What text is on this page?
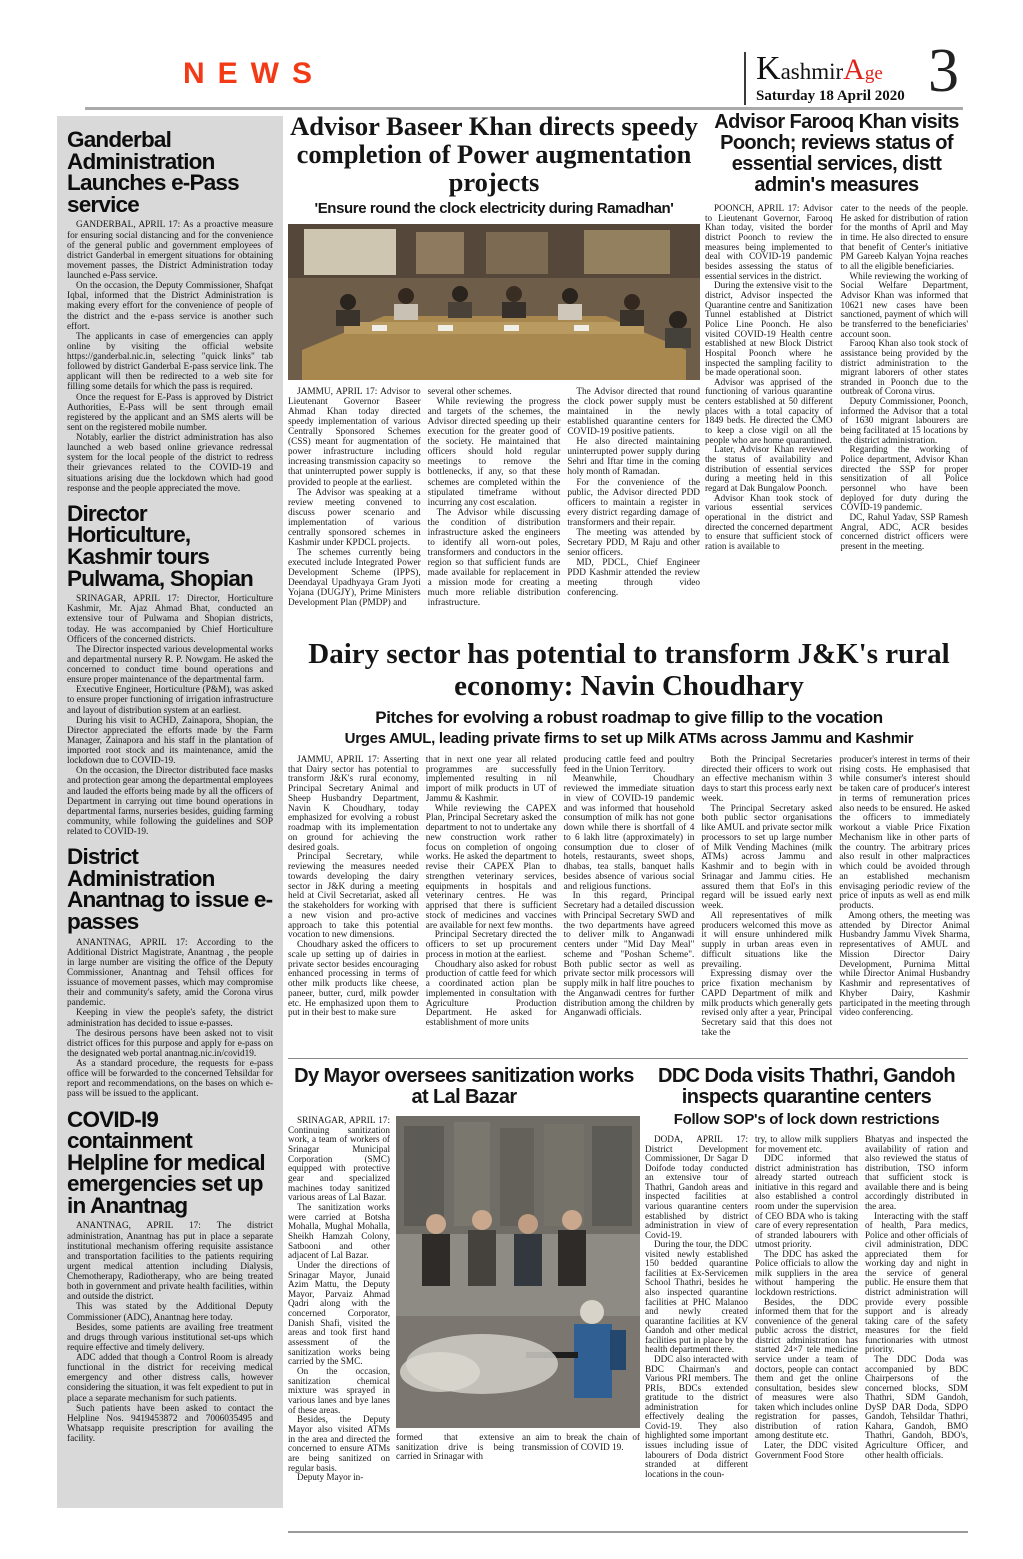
NEWS	KashmirAge
Saturday 18 April 2020 3
Ganderbal Administration Launches e-Pass service

GANDERBAL, APRIL 17: As a proactive measure for ensuring social distancing and for the convenience of the general public and government employees of district Ganderbal in emergent situations for obtaining movement passes, the District Administration today launched e-Pass service.

On the occasion, the Deputy Commissioner, Shafqat Iqbal, informed that the District Administration is making every effort for the convenience of people of the district and the e-pass service is another such effort.

The applicants in case of emergencies can apply online by visiting the official website https://ganderbal.nic.in, selecting "quick links" tab followed by district Ganderbal E-pass service link. The applicant will then be redirected to a web site for filling some details for which the pass is required.

Once the request for E-Pass is approved by District Authorities, E-Pass will be sent through email registered by the applicant and an SMS alerts will be sent on the registered mobile number.

Notably, earlier the district administration has also launched a web based online grievance redressal system for the local people of the district to redress their grievances related to the COVID-19 and situations arising due the lockdown which had good response and the people appreciated the move.

Director Horticulture, Kashmir tours Pulwama, Shopian

SRINAGAR, APRIL 17: Director, Horticulture Kashmir, Mr. Ajaz Ahmad Bhat, conducted an extensive tour of Pulwama and Shopian districts, today. He was accompanied by Chief Horticulture Officers of the concerned districts.

The Director inspected various developmental works and departmental nursery R. P. Nowgam. He asked the concerned to conduct time bound operations and ensure proper maintenance of the departmental farm.

Executive Engineer, Horticulture (P&M), was asked to ensure proper functioning of irrigation infrastructure and layout of distribution system at an earliest.

During his visit to ACHD, Zainapora, Shopian, the Director appreciated the efforts made by the Farm Manager, Zainapora and his staff in the plantation of imported root stock and its maintenance, amid the lockdown due to COVID-19.

On the occasion, the Director distributed face masks and protection gear among the departmental employees and lauded the efforts being made by all the officers of Department in carrying out time bound operations in departmental farms, nurseries besides, guiding farming community, while following the guidelines and SOP related to COVID-19.

District Administration Anantnag to issue e-passes

ANANTNAG, APRIL 17: According to the Additional District Magistrate, Anantnag , the people in large number are visiting the office of the Deputy Commissioner, Anantnag and Tehsil offices for issuance of movement passes, which may compromise their and community's safety, amid the Corona virus pandemic.

Keeping in view the people's safety, the district administration has decided to issue e-passes.

The desirous persons have been asked not to visit district offices for this purpose and apply for e-pass on the designated web portal anantnag.nic.in/covid19.

As a standard procedure, the requests for e-pass office will be forwarded to the concerned Tehsildar for report and recommendations, on the bases on which e-pass will be issued to the applicant.

COVID-I9 containment Helpline for medical emergencies set up in Anantnag

ANANTNAG, APRIL 17: The district administration, Anantnag has put in place a separate institutional mechanism offering requisite assistance and transportation facilities to the patients requiring urgent medical attention including Dialysis, Chemotherapy, Radiotherapy, who are being treated both in government and private health facilities, within and outside the district.

This was stated by the Additional Deputy Commissioner (ADC), Anantnag here today.

Besides, some patients are availing free treatment and drugs through various institutional set-ups which require effective and timely delivery.

ADC added that though a Control Room is already functional in the district for receiving medical emergency and other distress calls, however considering the situation, it was felt expedient to put in place a separate mechanism for such patients.

Such patients have been asked to contact the Helpline Nos. 9419453872 and 7006035495 and Whatsapp requisite prescription for availing the facility.

Advisor Baseer Khan directs speedy completion of Power augmentation projects
'Ensure round the clock electricity during Ramadhan'

JAMMU, APRIL 17: Advisor to Lieutenant Governor Baseer Ahmad Khan today directed speedy implementation of various Centrally Sponsored Schemes (CSS) meant for augmentation of power infrastructure including increasing transmission capacity so that uninterrupted power supply is provided to people at the earliest.

The Advisor was speaking at a review meeting convened to discuss power scenario and implementation of various centrally sponsored schemes in Kashmir under KPDCL projects.

The schemes currently being executed include Integrated Power Development Scheme (IPPS), Deendayal Upadhyaya Gram Jyoti Yojana (DUGJY), Prime Ministers Development Plan (PMDP) and

several other schemes.

While reviewing the progress and targets of the schemes, the Advisor directed speeding up their execution for the greater good of the society. He maintained that officers should hold regular meetings to remove the bottlenecks, if any, so that these schemes are completed within the stipulated timeframe without incurring any cost escalation.

The Advisor while discussing the condition of distribution infrastructure asked the engineers to identify all worn-out poles, transformers and conductors in the region so that sufficient funds are made available for replacement in a mission mode for creating a much more reliable distribution infrastructure.

The Advisor directed that round the clock power supply must be maintained in the newly established quarantine centers for COVID-19 positive patients.

He also directed maintaining uninterrupted power supply during Sehri and Iftar time in the coming holy month of Ramadan.

For the convenience of the public, the Advisor directed PDD officers to maintain a register in every district regarding damage of transformers and their repair.

The meeting was attended by Secretary PDD, M Raju and other senior officers.

MD, PDCL, Chief Engineer PDD Kashmir attended the review meeting through video conferencing.

Advisor Farooq Khan visits Poonch; reviews status of essential services, distt admin's measures

POONCH, APRIL 17: Advisor to Lieutenant Governor, Farooq Khan today, visited the border district Poonch to review the measures being implemented to deal with COVID-19 pandemic besides assessing the status of essential services in the district.

During the extensive visit to the district, Advisor inspected the Quarantine centre and Sanitization Tunnel established at District Police Line Poonch. He also visited COVID-19 Health centre established at new Block District Hospital Poonch where he inspected the sampling facility to be made operational soon.

Advisor was apprised of the functioning of various quarantine centers established at 50 different places with a total capacity of 1849 beds. He directed the CMO to keep a close vigil on all the people who are home quarantined.

Later, Advisor Khan reviewed the status of availability and distribution of essential services during a meeting held in this regard at Dak Bungalow Poonch.

Advisor Khan took stock of various essential services operational in the district and directed the concerned department to ensure that sufficient stock of ration is available to

cater to the needs of the people. He asked for distribution of ration for the months of April and May in time. He also directed to ensure that benefit of Center's initiative PM Gareeb Kalyan Yojna reaches to all the eligible beneficiaries.

While reviewing the working of Social Welfare Department, Advisor Khan was informed that 10621 new cases have been sanctioned, payment of which will be transferred to the beneficiaries' account soon.

Farooq Khan also took stock of assistance being provided by the district administration to the migrant laborers of other states stranded in Poonch due to the outbreak of Corona virus.

Deputy Commissioner, Poonch, informed the Advisor that a total of 1630 migrant labourers are being facilitated at 15 locations by the district administration.

Regarding the working of Police department, Advisor Khan directed the SSP for proper sensitization of all Police personnel who have been deployed for duty during the COVID-19 pandemic.

DC, Rahul Yadav, SSP Ramesh Angral, ADC, ACR besides concerned district officers were present in the meeting.

Dairy sector has potential to transform J&K's rural economy: Navin Choudhary
Pitches for evolving a robust roadmap to give fillip to the vocation
Urges AMUL, leading private firms to set up Milk ATMs across Jammu and Kashmir

JAMMU, APRIL 17: Asserting that Dairy sector has potential to transform J&K's rural economy, Principal Secretary Animal and Sheep Husbandry Department, Navin K Choudhary, today emphasized for evolving a robust roadmap with its implementation on ground for achieving the desired goals.

Principal Secretary, while reviewing the measures needed towards developing the dairy sector in J&K during a meeting held at Civil Secretariat, asked all the stakeholders for working with a new vision and pro-active approach to take this potential vocation to new dimensions.

Choudhary asked the officers to scale up setting up of dairies in private sector besides encouraging enhanced processing in terms of other milk products like cheese, paneer, butter, curd, milk powder etc. He emphasized upon them to put in their best to make sure

that in next one year all related programmes are successfully implemented resulting in nil import of milk products in UT of Jammu & Kashmir.

While reviewing the CAPEX Plan, Principal Secretary asked the department to not to undertake any new construction work rather focus on completion of ongoing works. He asked the department to revise their CAPEX Plan to strengthen veterinary services, equipments in hospitals and veterinary centres. He was apprised that there is sufficient stock of medicines and vaccines are available for next few months.

Principal Secretary directed the officers to set up procurement process in motion at the earliest.

Choudhary also asked for robust production of cattle feed for which a coordinated action plan be implemented in consultation with Agriculture Production Department. He asked for establishment of more units

producing cattle feed and poultry feed in the Union Territory.

Meanwhile, Choudhary reviewed the immediate situation in view of COVID-19 pandemic and was informed that household consumption of milk has not gone down while there is shortfall of 4 to 6 lakh litre (approximately) in consumption due to closer of hotels, restaurants, sweet shops, dhabas, tea stalls, banquet halls besides absence of various social and religious functions.

In this regard, Principal Secretary had a detailed discussion with Principal Secretary SWD and the two departments have agreed to deliver milk to Anganwadi centers under "Mid Day Meal" scheme and "Poshan Scheme". Both public sector as well as private sector milk processors will supply milk in half litre pouches to the Anganwadi centres for further distribution among the children by Anganwadi officials.

Both the Principal Secretaries directed their officers to work out an effective mechanism within 3 days to start this process early next week.

The Principal Secretary asked both public sector organisations like AMUL and private sector milk processors to set up large number of Milk Vending Machines (milk ATMs) across Jammu and Kashmir and to begin with in Srinagar and Jammu cities. He assured them that EoI's in this regard will be issued early next week.

All representatives of milk producers welcomed this move as it will ensure unhindered milk supply in urban areas even in difficult situations like the prevailing.

Expressing dismay over the price fixation mechanism by CAPD Department of milk and milk products which generally gets revised only after a year, Principal Secretary said that this does not take the

producer's interest in terms of their rising costs. He emphasised that while consumer's interest should be taken care of producer's interest in terms of remuneration prices also needs to be ensured. He asked the officers to immediately workout a viable Price Fixation Mechanism like in other parts of the country. The arbitrary prices also result in other malpractices which could be avoided through an established mechanism envisaging periodic review of the price of inputs as well as end milk products.

Among others, the meeting was attended by Director Animal Husbandry Jammu Vivek Sharma, representatives of AMUL and Mission Director Dairy Development, Purnima Mittal while Director Animal Husbandry Kashmir and representatives of Khyber Dairy, Kashmir participated in the meeting through video conferencing.

Dy Mayor oversees sanitization works at Lal Bazar

SRINAGAR, APRIL 17: Continuing sanitization work, a team of workers of Srinagar Municipal Corporation (SMC) equipped with protective gear and specialized machines today sanitized various areas of Lal Bazar.

The sanitization works were carried at Botsha Mohalla, Mughal Mohalla, Sheikh Hamzah Colony, Satbooni and other adjacent of Lal Bazar.

Under the directions of Srinagar Mayor, Junaid Azim Mattu, the Deputy Mayor, Parvaiz Ahmad Qadri along with the concerned Corporator, Danish Shafi, visited the areas and took first hand assessment of the sanitization works being carried by the SMC.

On the occasion, sanitization chemical mixture was sprayed in various lanes and bye lanes of these areas.

Besides, the Deputy Mayor also visited ATMs in the area and directed the concerned to ensure ATMs are being sanitized on regular basis.

Deputy Mayor in-

formed that extensive sanitization drive is being carried in Srinagar with
an aim to break the chain of transmission of COVID 19.
DDC Doda visits Thathri, Gandoh inspects quarantine centers
Follow SOP's of lock down restrictions

DODA, APRIL 17: District Development Commissioner, Dr Sagar D Doifode today conducted an extensive tour of Thathri, Gandoh areas and inspected facilities at various quarantine centers established by district administration in view of Covid-19.

During the tour, the DDC visited newly established 150 bedded quarantine facilities at Ex-Servicemen School Thathri, besides he also inspected quarantine facilities at PHC Malanoo and newly created quarantine facilities at KV Gandoh and other medical facilities put in place by the health department there.

DDC also interacted with BDC Chairman's and Various PRI members. The PRIs, BDCs extended gratitude to the district administration for effectively dealing the Covid-19. They also highlighted some important issues including issue of labourers of Doda district stranded at different locations in the coun-

try, to allow milk suppliers for movement etc.

DDC informed that district administration has already started outreach initiative in this regard and also established a control room under the supervision of CEO BDA who is taking care of every representation of stranded labourers with utmost priority.

The DDC has asked the Police officials to allow the milk suppliers in the area without hampering the lockdown restrictions.

Besides, the DDC informed them that for the convenience of the general public across the district, district administration has started 24×7 tele medicine service under a team of doctors, people can contact them and get the online consultation, besides slew of measures were also taken which includes online registration for passes, distribution of ration among destitute etc.

Later, the DDC visited Government Food Store

Bhatyas and inspected the availability of ration and also reviewed the status of distribution, TSO inform that sufficient stock is available there and is being accordingly distributed in the area.

Interacting with the staff of health, Para medics, Police and other officials of civil administration, DDC appreciated them for working day and night in the service of general public. He ensure them that district administration will provide every possible support and is already taking care of the safety measures for the field functionaries with utmost priority.

The DDC Doda was accompanied by BDC Chairpersons of the concerned blocks, SDM Thathri, SDM Gandoh, DySP DAR Doda, SDPO Gandoh, Tehsildar Thathri, Kahara, Gandoh, BMO Thathri, Gandoh, BDO's, Agriculture Officer, and other health officials.
